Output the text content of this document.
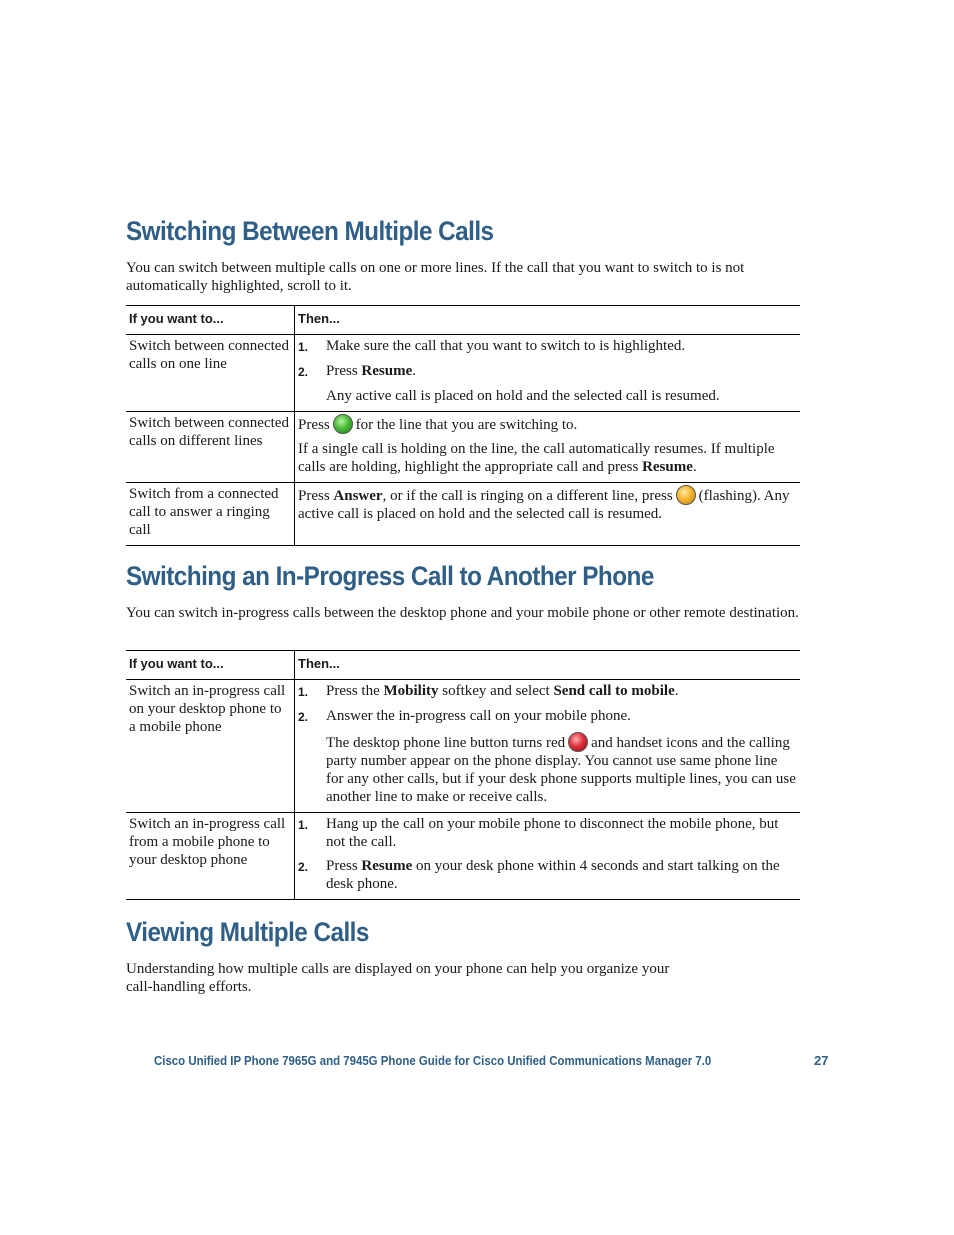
Switching Between Multiple Calls

You can switch between multiple calls on one or more lines. If the call that you want to switch to is not automatically highlighted, scroll to it.

If you want to...	Then...
Switch between connected calls on one line	1. Make sure the call that you want to switch to is highlighted.
2. Press Resume.
Any active call is placed on hold and the selected call is resumed.

Switch between connected calls on different lines	Press for the line that you are switching to.

If a single call is holding on the line, the call automatically resumes. If multiple calls are holding, highlight the appropriate call and press Resume.

Switch from a connected call to answer a ringing call	Press Answer, or if the call is ringing on a different line, press (flashing). Any active call is placed on hold and the selected call is resumed.

Switching an In-Progress Call to Another Phone

You can switch in-progress calls between the desktop phone and your mobile phone or other remote destination.

If you want to...	Then...
Switch an in-progress call on your desktop phone to a mobile phone	1. Press the Mobility softkey and select Send call to mobile.
2. Answer the in-progress call on your mobile phone.
The desktop phone line button turns red and handset icons and the calling party number appear on the phone display. You cannot use same phone line for any other calls, but if your desk phone supports multiple lines, you can use another line to make or receive calls.

Switch an in-progress call from a mobile phone to your desktop phone	1. Hang up the call on your mobile phone to disconnect the mobile phone, but not the call.
2. Press Resume on your desk phone within 4 seconds and start talking on the desk phone.
Viewing Multiple Calls

Understanding how multiple calls are displayed on your phone can help you organize your
call-handling efforts.

Cisco Unified IP Phone 7965G and 7945G Phone Guide for Cisco Unified Communications Manager 7.0	27
